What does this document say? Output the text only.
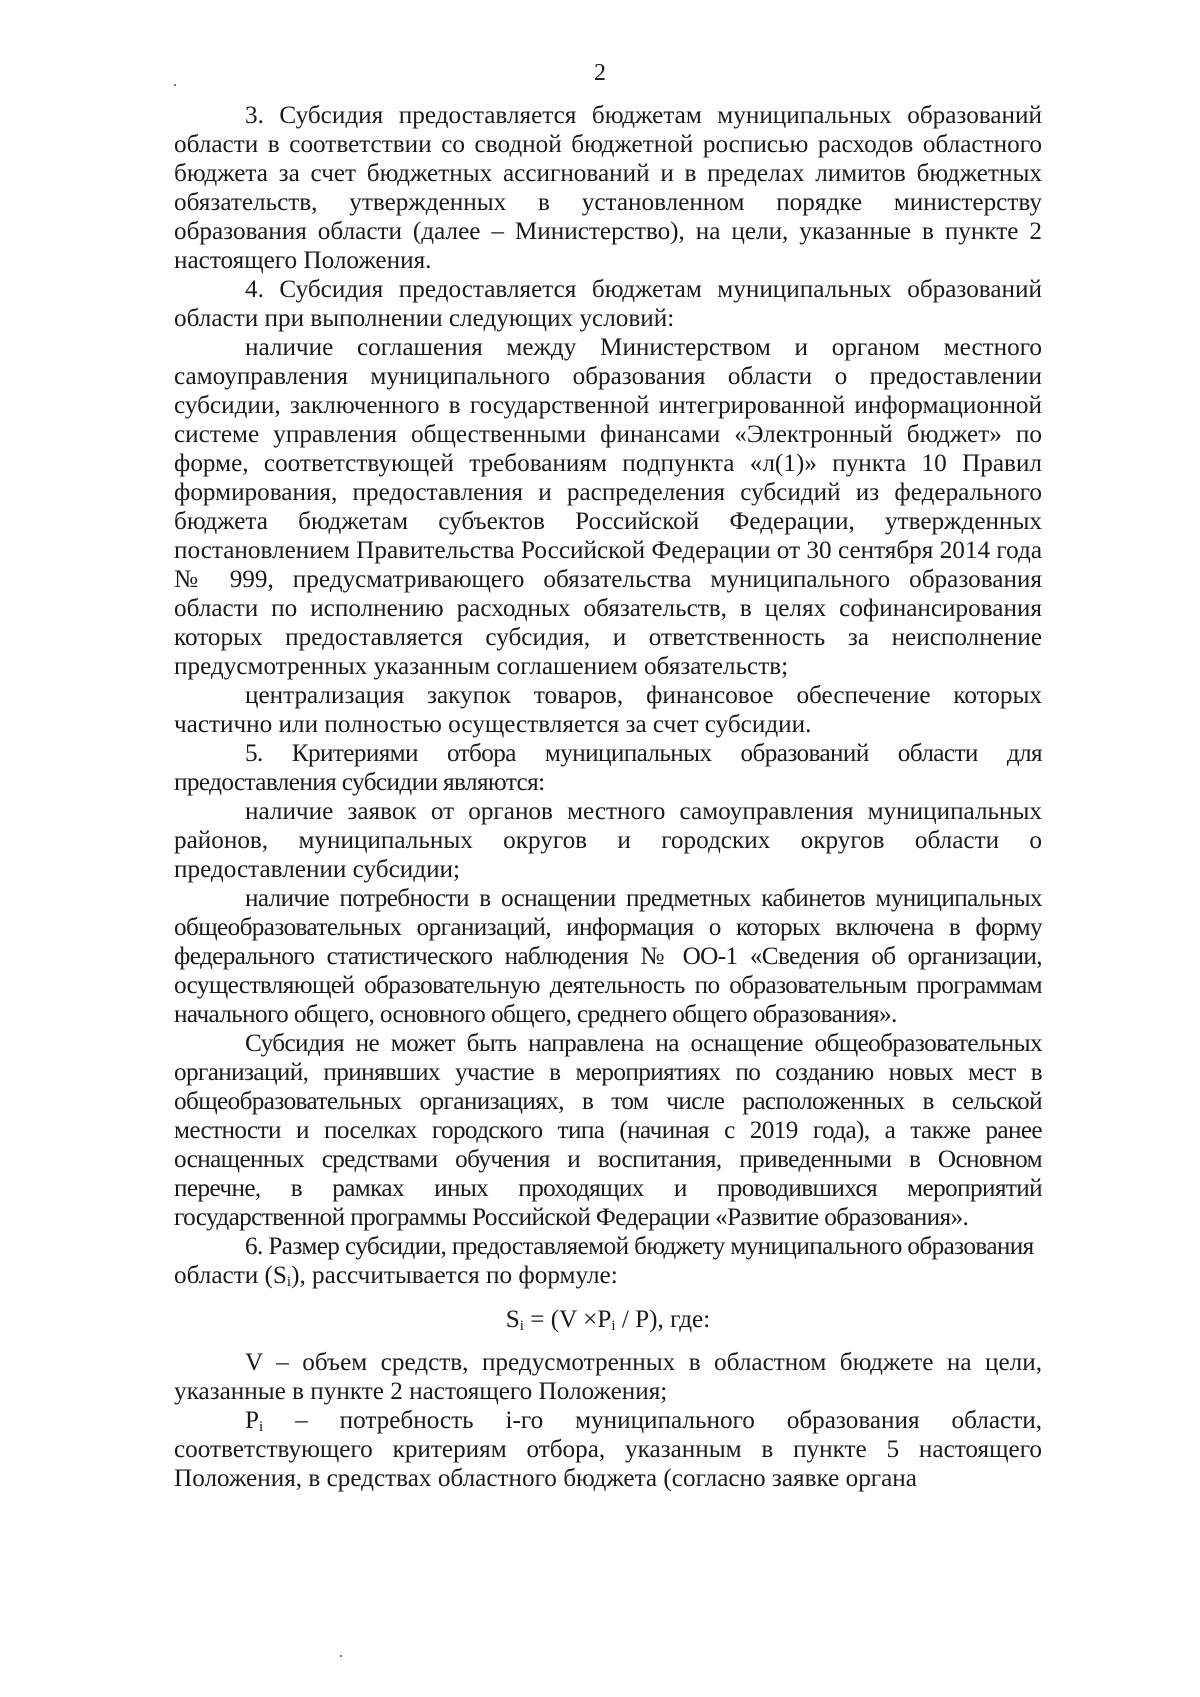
2

3. Субсидия предоставляется бюджетам муниципальных образований области в соответствии со сводной бюджетной росписью расходов областного бюджета за счет бюджетных ассигнований и в пределах лимитов бюджетных обязательств, утвержденных в установленном порядке министерству образования области (далее – Министерство), на цели, указанные в пункте 2 настоящего Положения.

4. Субсидия предоставляется бюджетам муниципальных образований области при выполнении следующих условий:

наличие соглашения между Министерством и органом местного самоуправления муниципального образования области о предоставлении субсидии, заключенного в государственной интегрированной информационной системе управления общественными финансами «Электронный бюджет» по форме, соответствующей требованиям подпункта «л(1)» пункта 10 Правил формирования, предоставления и распределения субсидий из федерального бюджета бюджетам субъектов Российской Федерации, утвержденных постановлением Правительства Российской Федерации от 30 сентября 2014 года № 999, предусматривающего обязательства муниципального образования области по исполнению расходных обязательств, в целях софинансирования которых предоставляется субсидия, и ответственность за неисполнение предусмотренных указанным соглашением обязательств;

централизация закупок товаров, финансовое обеспечение которых частично или полностью осуществляется за счет субсидии.

5. Критериями отбора муниципальных образований области для предоставления субсидии являются:

наличие заявок от органов местного самоуправления муниципальных районов, муниципальных округов и городских округов области о предоставлении субсидии;

наличие потребности в оснащении предметных кабинетов муниципальных общеобразовательных организаций, информация о которых включена в форму федерального статистического наблюдения № ОО-1 «Сведения об организации, осуществляющей образовательную деятельность по образовательным программам начального общего, основного общего, среднего общего образования».

Субсидия не может быть направлена на оснащение общеобразовательных организаций, принявших участие в мероприятиях по созданию новых мест в общеобразовательных организациях, в том числе расположенных в сельской местности и поселках городского типа (начиная с 2019 года), а также ранее оснащенных средствами обучения и воспитания, приведенными в Основном перечне, в рамках иных проходящих и проводившихся мероприятий государственной программы Российской Федерации «Развитие образования».

6. Размер субсидии, предоставляемой бюджету муниципального образования

области $(S_i)$, рассчитывается по формуле:

$S_i = (V \times P_i / P)$, где:

V – объем средств, предусмотренных в областном бюджете на цели, указанные в пункте 2 настоящего Положения;

$P_i$ – потребность i-го муниципального образования области, соответствующего критериям отбора, указанным в пункте 5 настоящего Положения, в средствах областного бюджета (согласно заявке органа
